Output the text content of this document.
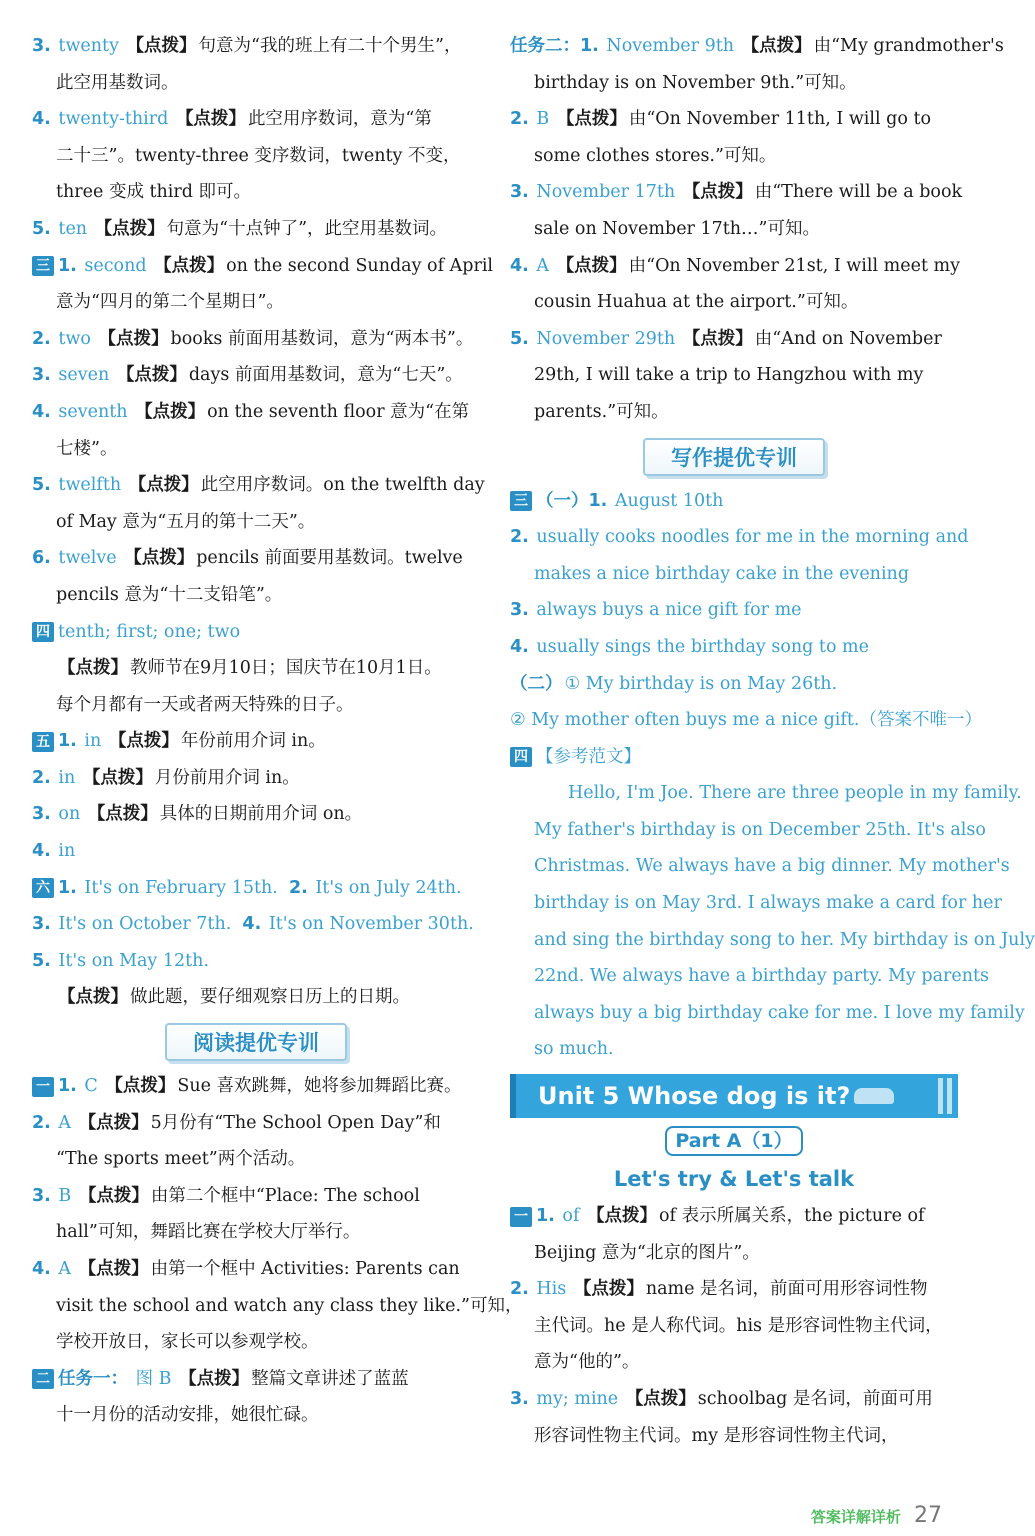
3. twenty 【点拨】 句意为“我的班上有二十个男生”，
此空用基数词。
4. twenty-third 【点拨】 此空用序数词，意为“第
二十三”。twenty-three 变序数词，twenty 不变，
three 变成 third 即可。
5. ten 【点拨】 句意为“十点钟了”，此空用基数词。
三 1. second 【点拨】 on the second Sunday of April
意为“四月的第二个星期日”。
2. two 【点拨】 books 前面用基数词，意为“两本书”。
3. seven 【点拨】 days 前面用基数词，意为“七天”。
4. seventh 【点拨】 on the seventh floor 意为“在第
七楼”。
5. twelfth 【点拨】 此空用序数词。on the twelfth day
of May 意为“五月的第十二天”。
6. twelve 【点拨】 pencils 前面要用基数词。twelve
pencils 意为“十二支铅笔”。
四 tenth; first; one; two
【点拨】 教师节在9月10日；国庆节在10月1日。
每个月都有一天或者两天特殊的日子。
五 1. in 【点拨】 年份前用介词 in。
2. in 【点拨】 月份前用介词 in。
3. on 【点拨】 具体的日期前用介词 on。
4. in
六 1. It's on February 15th. 2. It's on July 24th.
3. It's on October 7th. 4. It's on November 30th.
5. It's on May 12th.
【点拨】 做此题，要仔细观察日历上的日期。
阅读提优专训
一 1. C 【点拨】 Sue 喜欢跳舞，她将参加舞蹈比赛。
2. A 【点拨】 5月份有“The School Open Day”和
“The sports meet”两个活动。
3. B 【点拨】 由第二个框中“Place: The school
hall”可知，舞蹈比赛在学校大厅举行。
4. A 【点拨】 由第一个框中 Activities: Parents can
visit the school and watch any class they like.”可知，
学校开放日，家长可以参观学校。
二 任务一： 图 B 【点拨】 整篇文章讲述了蓝蓝
十一月份的活动安排，她很忙碌。
任务二：1. November 9th 【点拨】 由“My grandmother's
birthday is on November 9th.”可知。
2. B 【点拨】 由“On November 11th, I will go to
some clothes stores.”可知。
3. November 17th 【点拨】 由“There will be a book
sale on November 17th…”可知。
4. A 【点拨】 由“On November 21st, I will meet my
cousin Huahua at the airport.”可知。
5. November 29th 【点拨】 由“And on November
29th, I will take a trip to Hangzhou with my
parents.”可知。
写作提优专训
三 （一）1. August 10th
2. usually cooks noodles for me in the morning and
makes a nice birthday cake in the evening
3. always buys a nice gift for me
4. usually sings the birthday song to me
（二） ① My birthday is on May 26th.
② My mother often buys me a nice gift.（答案不唯一）
四 【参考范文】
Hello, I'm Joe. There are three people in my family.
My father's birthday is on December 25th. It's also
Christmas. We always have a big dinner. My mother's
birthday is on May 3rd. I always make a card for her
and sing the birthday song to her. My birthday is on July
22nd. We always have a birthday party. My parents
always buy a big birthday cake for me. I love my family
so much.
Unit 5 Whose dog is it?
Part A（1）
Let's try & Let's talk
一 1. of 【点拨】 of 表示所属关系，the picture of
Beijing 意为“北京的图片”。
2. His 【点拨】 name 是名词，前面可用形容词性物
主代词。he 是人称代词。his 是形容词性物主代词，
意为“他的”。
3. my; mine 【点拨】 schoolbag 是名词，前面可用
形容词性物主代词。my 是形容词性物主代词，
答案详解详析 27
